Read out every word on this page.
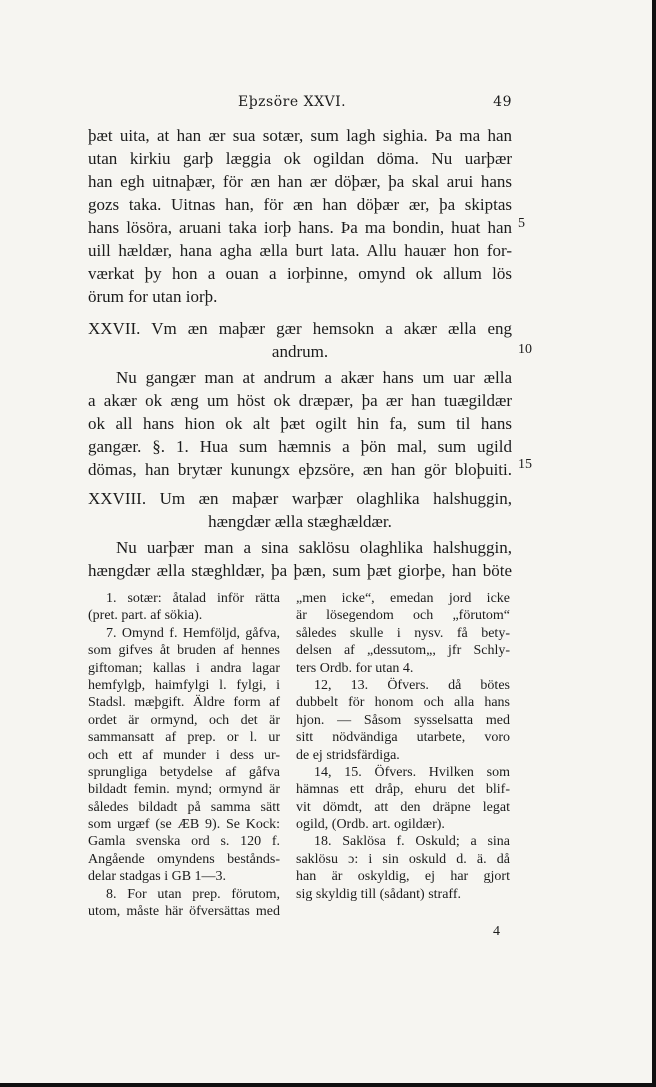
Eþzsöre XXVI.	49
þæt uita, at han ær sua sotær, sum lagh sighia. Þa ma han
utan kirkiu garþ læggia ok ogildan döma. Nu uarþær
han egh uitnaþær, för æn han ær döþær, þa skal arui hans
gozs taka. Uitnas han, för æn han döþær ær, þa skiptas
hans lösöra, aruani taka iorþ hans. Þa ma bondin, huat han
uill hældær, hana agha ælla burt lata. Allu hauær hon for-
værkat þy hon a ouan a iorþinne, omynd ok allum lös
örum for utan iorþ.
XXVII. Vm æn maþær gær hemsokn a akær ælla eng
andrum.
Nu gangær man at andrum a akær hans um uar ælla
a akær ok æng um höst ok dræpær, þa ær han tuægildær
ok all hans hion ok alt þæt ogilt hin fa, sum til hans
gangær. §. 1. Hua sum hæmnis a þön mal, sum ugild
dömas, han brytær kunungx eþzsöre, æn han gör bloþuiti.
XXVIII. Um æn maþær warþær olaghlika halshuggin,
hængdær ælla stæghældær.
Nu uarþær man a sina saklösu olaghlika halshuggin,
hængdær ælla stæghldær, þa þæn, sum þæt giorþe, han böte
5
10
15
1. sotær: åtalad inför rätta
(pret. part. af sökia).
7. Omynd f. Hemföljd, gåfva,
som gifves åt bruden af hennes
giftoman; kallas i andra lagar
hemfylgþ, haimfylgi l. fylgi, i
Stadsl. mæþgift. Äldre form af
ordet är ormynd, och det är
sammansatt af prep. or l. ur
och ett af munder i dess ur-
sprungliga betydelse af gåfva
bildadt femin. mynd; ormynd är
således bildadt på samma sätt
som urgæf (se ÆB 9). Se Kock:
Gamla svenska ord s. 120 f.
Angående omyndens bestånds-
delar stadgas i GB 1—3.
8. For utan prep. förutom,
utom, måste här öfversättas med
„men icke“, emedan jord icke
är lösegendom och „förutom“
således skulle i nysv. få bety-
delsen af „dessutom„, jfr Schly-
ters Ordb. for utan 4.
12, 13. Öfvers. då bötes
dubbelt för honom och alla hans
hjon. — Såsom sysselsatta med
sitt nödvändiga utarbete, voro
de ej stridsfärdiga.
14, 15. Öfvers. Hvilken som
hämnas ett dråp, ehuru det blif-
vit dömdt, att den dräpne legat
ogild, (Ordb. art. ogildær).
18. Saklösa f. Oskuld; a sina
saklösu ɔ: i sin oskuld d. ä. då
han är oskyldig, ej har gjort
sig skyldig till (sådant) straff.
4
